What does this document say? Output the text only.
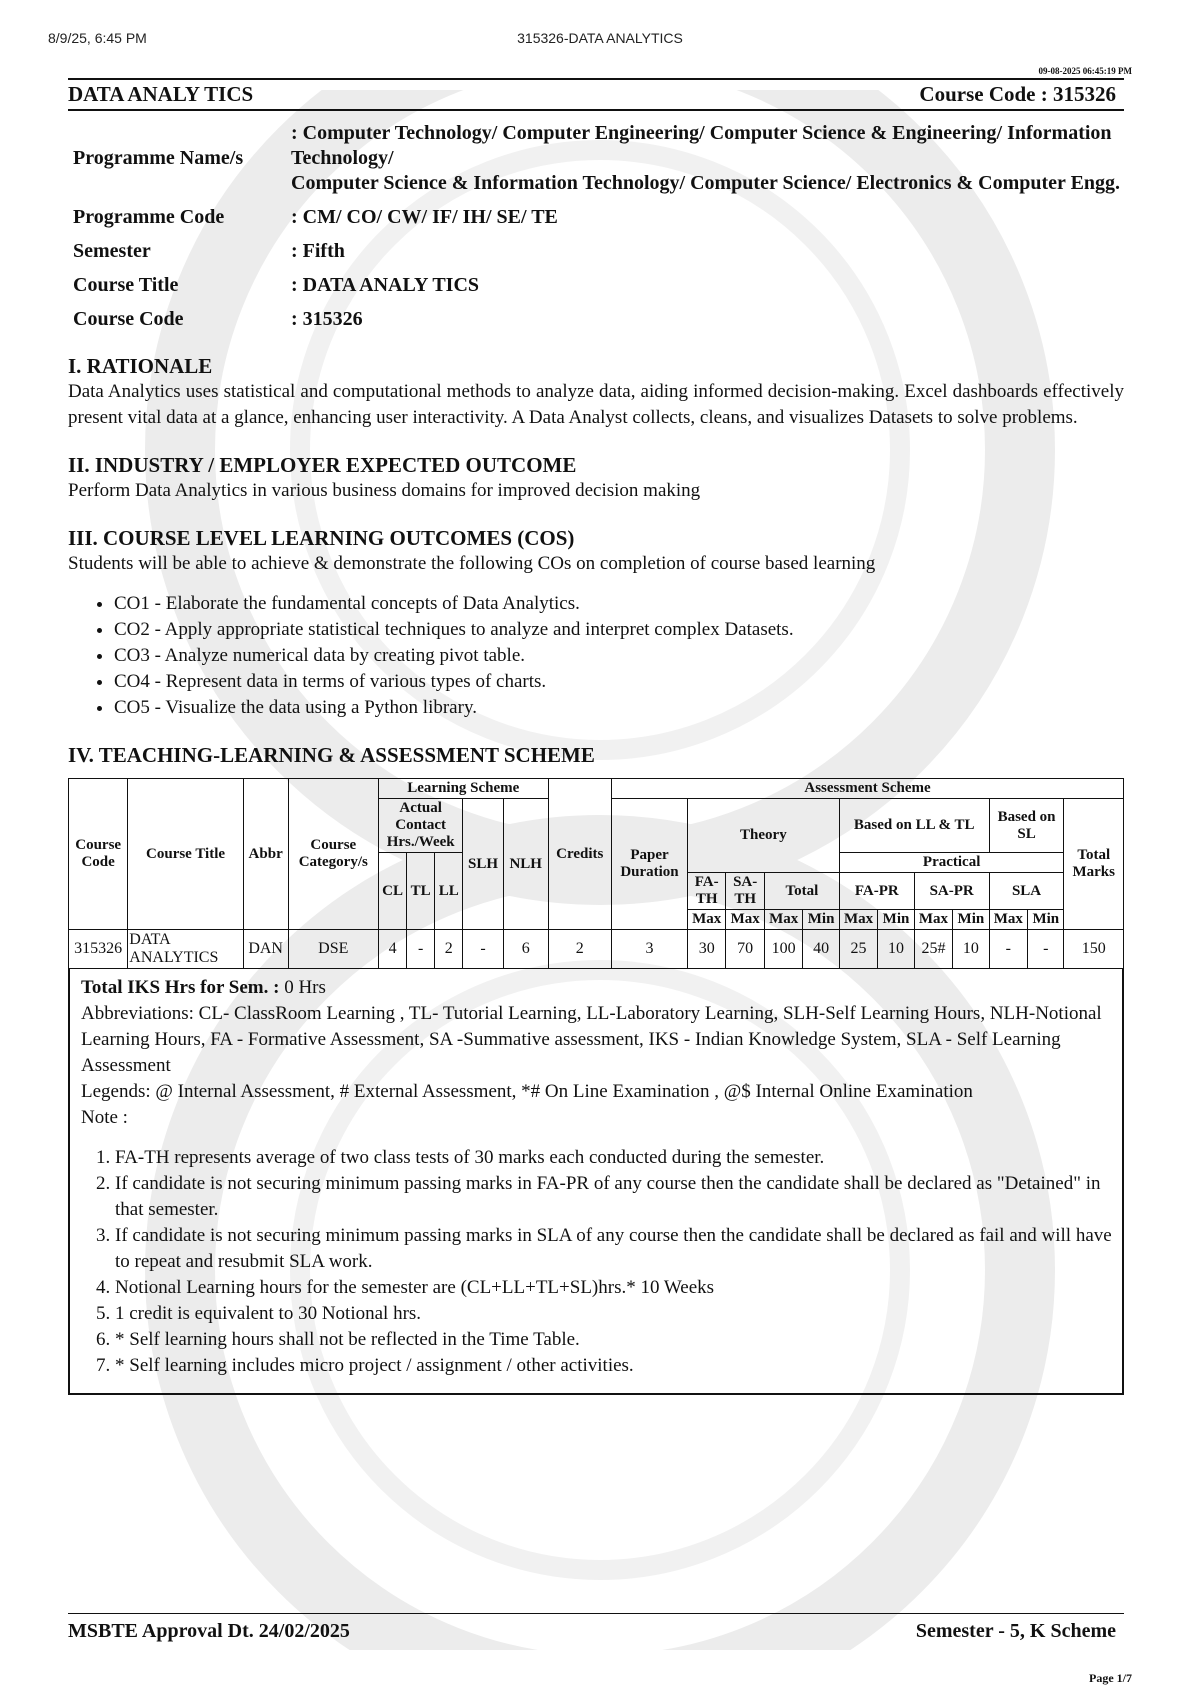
8/9/25, 6:45 PM	315326-DATA ANALYTICS
09-08-2025 06:45:19 PM
DATA ANALY TICS	Course Code : 315326
Programme Name/s
: Computer Technology/ Computer Engineering/ Computer Science & Engineering/ Information Technology/
Computer Science & Information Technology/ Computer Science/ Electronics & Computer Engg.
Programme Code	: CM/ CO/ CW/ IF/ IH/ SE/ TE
Semester	: Fifth
Course Title	: DATA ANALY TICS
Course Code	: 315326
I. RATIONALE
Data Analytics uses statistical and computational methods to analyze data, aiding informed decision-making. Excel dashboards effectively present vital data at a glance, enhancing user interactivity. A Data Analyst collects, cleans, and visualizes Datasets to solve problems.
II. INDUSTRY / EMPLOYER EXPECTED OUTCOME
Perform Data Analytics in various business domains for improved decision making
III. COURSE LEVEL LEARNING OUTCOMES (COS)
Students will be able to achieve & demonstrate the following COs on completion of course based learning
• CO1 - Elaborate the fundamental concepts of Data Analytics.
• CO2 - Apply appropriate statistical techniques to analyze and interpret complex Datasets.
• CO3 - Analyze numerical data by creating pivot table.
• CO4 - Represent data in terms of various types of charts.
• CO5 - Visualize the data using a Python library.
IV. TEACHING-LEARNING & ASSESSMENT SCHEME
Course Code	Course Title	Abbr	Course Category/s	Learning Scheme					Credits	Assessment Scheme											
				Actual Contact Hrs./Week			SLH	NLH		Paper Duration	Theory				Based on LL & TL				Based on SL		Total Marks
				CL	TL	LL									Practical						
											FA-TH	SA-TH	Total		FA-PR		SA-PR		SLA		
											Max	Max	Max	Min	Max	Min	Max	Min	Max	Min	
315326	DATA ANALYTICS	DAN	DSE	4	-	2	-	6	2	3	30	70	100	40	25	10	25#	10	-	-	150
Total IKS Hrs for Sem. : 0 Hrs
Abbreviations: CL- ClassRoom Learning , TL- Tutorial Learning, LL-Laboratory Learning, SLH-Self Learning Hours, NLH-Notional Learning Hours, FA - Formative Assessment, SA -Summative assessment, IKS - Indian Knowledge System, SLA - Self Learning Assessment
Legends: @ Internal Assessment, # External Assessment, *# On Line Examination , @$ Internal Online Examination
Note :
1. FA-TH represents average of two class tests of 30 marks each conducted during the semester.
2. If candidate is not securing minimum passing marks in FA-PR of any course then the candidate shall be declared as "Detained" in that semester.
3. If candidate is not securing minimum passing marks in SLA of any course then the candidate shall be declared as fail and will have to repeat and resubmit SLA work.
4. Notional Learning hours for the semester are (CL+LL+TL+SL)hrs.* 10 Weeks
5. 1 credit is equivalent to 30 Notional hrs.
6. * Self learning hours shall not be reflected in the Time Table.
7. * Self learning includes micro project / assignment / other activities.
MSBTE Approval Dt. 24/02/2025	Semester - 5, K Scheme
Page 1/7
